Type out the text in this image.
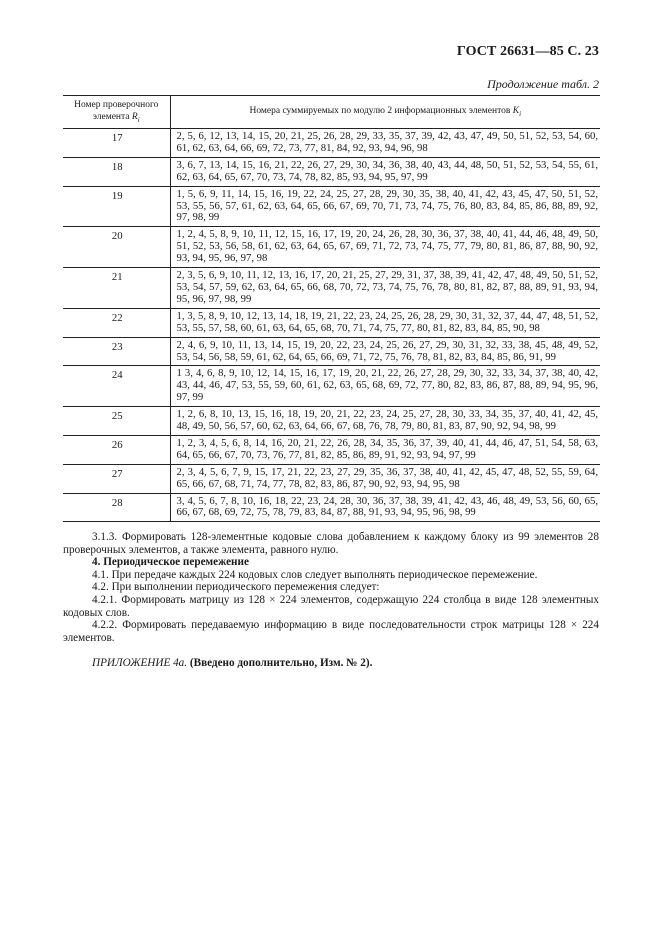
ГОСТ 26631—85 С. 23
Продолжение табл. 2
Номер проверочного
элемента $R_i$	Номера суммируемых по модулю 2 информационных элементов $K_i$
17	2, 5, 6, 12, 13, 14, 15, 20, 21, 25, 26, 28, 29, 33, 35, 37, 39, 42, 43, 47, 49, 50, 51, 52, 53, 54, 60, 61, 62, 63, 64, 66, 69, 72, 73, 77, 81, 84, 92, 93, 94, 96, 98
18	3, 6, 7, 13, 14, 15, 16, 21, 22, 26, 27, 29, 30, 34, 36, 38, 40, 43, 44, 48, 50, 51, 52, 53, 54, 55, 61, 62, 63, 64, 65, 67, 70, 73, 74, 78, 82, 85, 93, 94, 95, 97, 99
19	1, 5, 6, 9, 11, 14, 15, 16, 19, 22, 24, 25, 27, 28, 29, 30, 35, 38, 40, 41, 42, 43, 45, 47, 50, 51, 52, 53, 55, 56, 57, 61, 62, 63, 64, 65, 66, 67, 69, 70, 71, 73, 74, 75, 76, 80, 83, 84, 85, 86, 88, 89, 92, 97, 98, 99
20	1, 2, 4, 5, 8, 9, 10, 11, 12, 15, 16, 17, 19, 20, 24, 26, 28, 30, 36, 37, 38, 40, 41, 44, 46, 48, 49, 50, 51, 52, 53, 56, 58, 61, 62, 63, 64, 65, 67, 69, 71, 72, 73, 74, 75, 77, 79, 80, 81, 86, 87, 88, 90, 92, 93, 94, 95, 96, 97, 98
21	2, 3, 5, 6, 9, 10, 11, 12, 13, 16, 17, 20, 21, 25, 27, 29, 31, 37, 38, 39, 41, 42, 47, 48, 49, 50, 51, 52, 53, 54, 57, 59, 62, 63, 64, 65, 66, 68, 70, 72, 73, 74, 75, 76, 78, 80, 81, 82, 87, 88, 89, 91, 93, 94, 95, 96, 97, 98, 99
22	1, 3, 5, 8, 9, 10, 12, 13, 14, 18, 19, 21, 22, 23, 24, 25, 26, 28, 29, 30, 31, 32, 37, 44, 47, 48, 51, 52, 53, 55, 57, 58, 60, 61, 63, 64, 65, 68, 70, 71, 74, 75, 77, 80, 81, 82, 83, 84, 85, 90, 98
23	2, 4, 6, 9, 10, 11, 13, 14, 15, 19, 20, 22, 23, 24, 25, 26, 27, 29, 30, 31, 32, 33, 38, 45, 48, 49, 52, 53, 54, 56, 58, 59, 61, 62, 64, 65, 66, 69, 71, 72, 75, 76, 78, 81, 82, 83, 84, 85, 86, 91, 99
24	1 3, 4, 6, 8, 9, 10, 12, 14, 15, 16, 17, 19, 20, 21, 22, 26, 27, 28, 29, 30, 32, 33, 34, 37, 38, 40, 42, 43, 44, 46, 47, 53, 55, 59, 60, 61, 62, 63, 65, 68, 69, 72, 77, 80, 82, 83, 86, 87, 88, 89, 94, 95, 96, 97, 99
25	1, 2, 6, 8, 10, 13, 15, 16, 18, 19, 20, 21, 22, 23, 24, 25, 27, 28, 30, 33, 34, 35, 37, 40, 41, 42, 45, 48, 49, 50, 56, 57, 60, 62, 63, 64, 66, 67, 68, 76, 78, 79, 80, 81, 83, 87, 90, 92, 94, 98, 99
26	1, 2, 3, 4, 5, 6, 8, 14, 16, 20, 21, 22, 26, 28, 34, 35, 36, 37, 39, 40, 41, 44, 46, 47, 51, 54, 58, 63, 64, 65, 66, 67, 70, 73, 76, 77, 81, 82, 85, 86, 89, 91, 92, 93, 94, 97, 99
27	2, 3, 4, 5, 6, 7, 9, 15, 17, 21, 22, 23, 27, 29, 35, 36, 37, 38, 40, 41, 42, 45, 47, 48, 52, 55, 59, 64, 65, 66, 67, 68, 71, 74, 77, 78, 82, 83, 86, 87, 90, 92, 93, 94, 95, 98
28	3, 4, 5, 6, 7, 8, 10, 16, 18, 22, 23, 24, 28, 30, 36, 37, 38, 39, 41, 42, 43, 46, 48, 49, 53, 56, 60, 65, 66, 67, 68, 69, 72, 75, 78, 79, 83, 84, 87, 88, 91, 93, 94, 95, 96, 98, 99

3.1.3. Формировать 128-элементные кодовые слова добавлением к каждому блоку из 99 элементов 28 проверочных элементов, а также элемента, равного нулю.

4. Периодическое перемежение

4.1. При передаче каждых 224 кодовых слов следует выполнять периодическое перемежение.

4.2. При выполнении периодического перемежения следует:

4.2.1. Формировать матрицу из 128 × 224 элементов, содержащую 224 столбца в виде 128 элементных кодовых слов.

4.2.2. Формировать передаваемую информацию в виде последовательности строк матрицы 128 × 224 элементов.

ПРИЛОЖЕНИЕ 4а. (Введено дополнительно, Изм. № 2).
